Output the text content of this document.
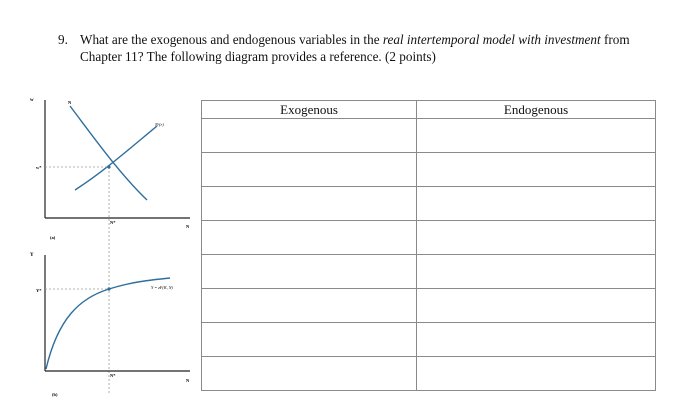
9. What are the exogenous and endogenous variables in the real intertemporal model with investment from Chapter 11? The following diagram provides a reference. (2 points)
w	N
Nˢ(r)
w*
N*
N
(a)
Y
Y*
Y = zF(K, N)
N*
N
(b)
Exogenous	Endogenous
